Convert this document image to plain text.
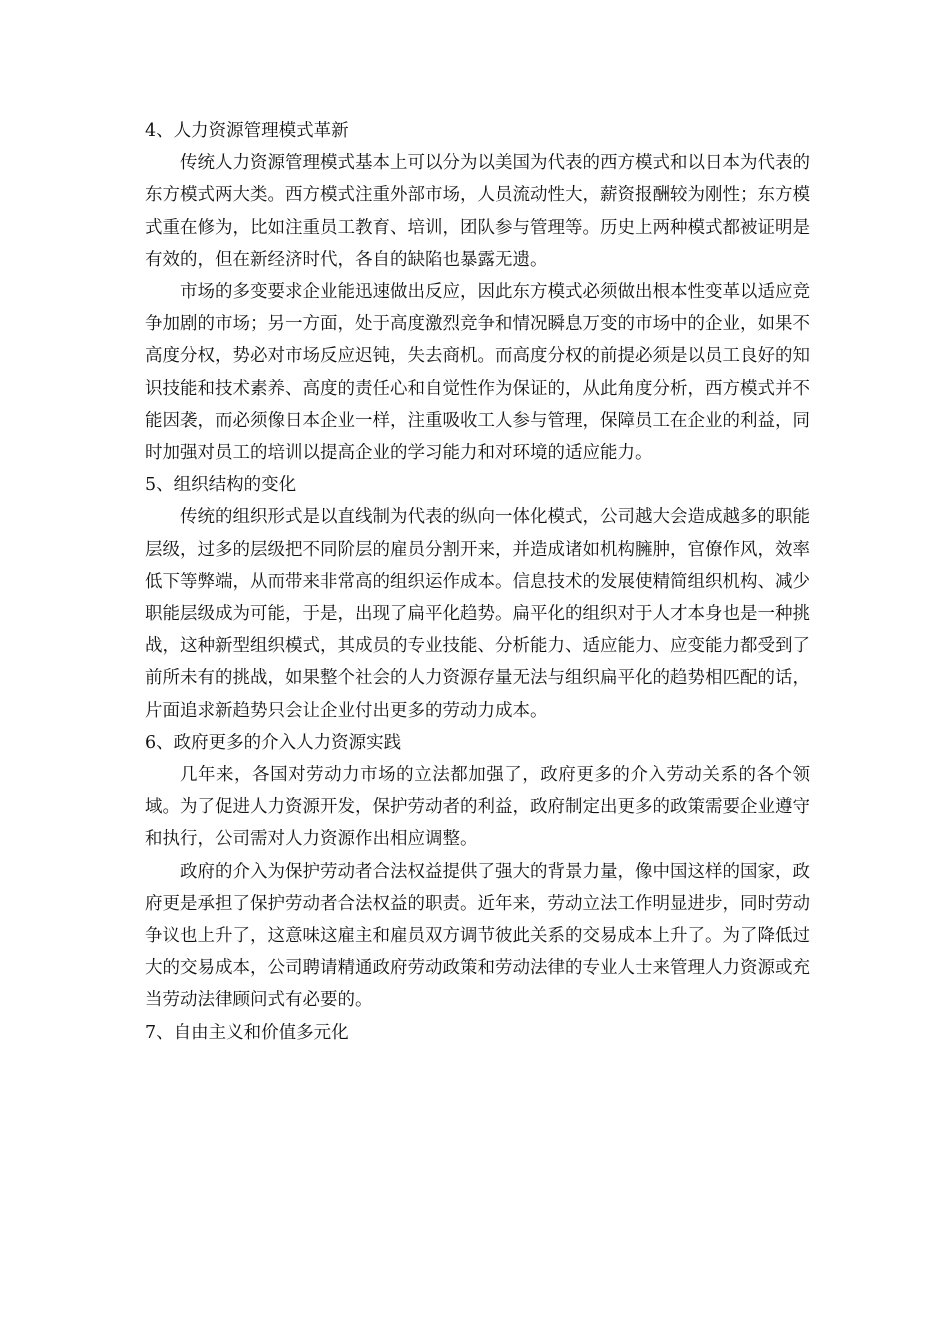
4、人力资源管理模式革新

传统人力资源管理模式基本上可以分为以美国为代表的西方模式和以日本为代表的东方模式两大类。西方模式注重外部市场，人员流动性大，薪资报酬较为刚性；东方模式重在修为，比如注重员工教育、培训，团队参与管理等。历史上两种模式都被证明是有效的，但在新经济时代，各自的缺陷也暴露无遗。

市场的多变要求企业能迅速做出反应，因此东方模式必须做出根本性变革以适应竞争加剧的市场；另一方面，处于高度激烈竞争和情况瞬息万变的市场中的企业，如果不高度分权，势必对市场反应迟钝，失去商机。而高度分权的前提必须是以员工良好的知识技能和技术素养、高度的责任心和自觉性作为保证的，从此角度分析，西方模式并不能因袭，而必须像日本企业一样，注重吸收工人参与管理，保障员工在企业的利益，同时加强对员工的培训以提高企业的学习能力和对环境的适应能力。

5、组织结构的变化

传统的组织形式是以直线制为代表的纵向一体化模式，公司越大会造成越多的职能层级，过多的层级把不同阶层的雇员分割开来，并造成诸如机构臃肿，官僚作风，效率低下等弊端，从而带来非常高的组织运作成本。信息技术的发展使精简组织机构、减少职能层级成为可能，于是，出现了扁平化趋势。扁平化的组织对于人才本身也是一种挑战，这种新型组织模式，其成员的专业技能、分析能力、适应能力、应变能力都受到了前所未有的挑战，如果整个社会的人力资源存量无法与组织扁平化的趋势相匹配的话，片面追求新趋势只会让企业付出更多的劳动力成本。

6、政府更多的介入人力资源实践

几年来，各国对劳动力市场的立法都加强了，政府更多的介入劳动关系的各个领域。为了促进人力资源开发，保护劳动者的利益，政府制定出更多的政策需要企业遵守和执行，公司需对人力资源作出相应调整。

政府的介入为保护劳动者合法权益提供了强大的背景力量，像中国这样的国家，政府更是承担了保护劳动者合法权益的职责。近年来，劳动立法工作明显进步，同时劳动争议也上升了，这意味这雇主和雇员双方调节彼此关系的交易成本上升了。为了降低过大的交易成本，公司聘请精通政府劳动政策和劳动法律的专业人士来管理人力资源或充当劳动法律顾问式有必要的。

7、自由主义和价值多元化
